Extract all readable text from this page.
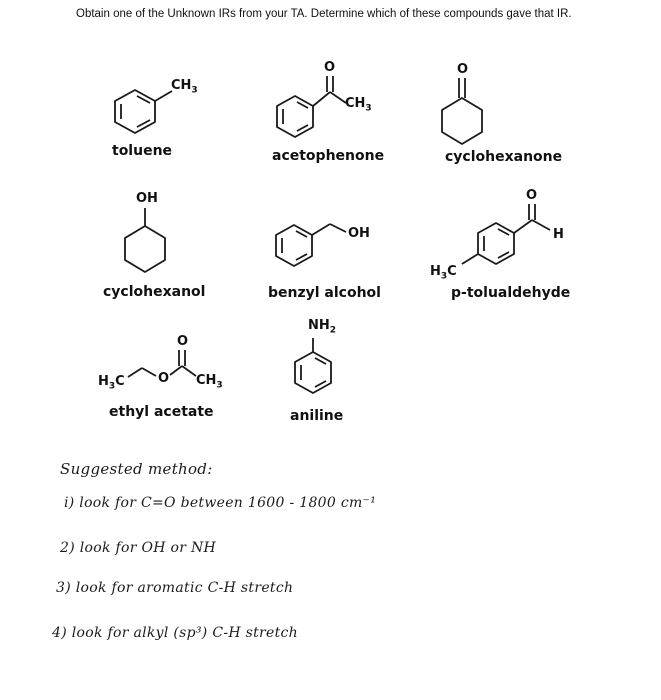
Obtain one of the Unknown IRs from your TA. Determine which of these compounds gave that IR.
$CH_3$
O
$CH_3$
O
OH
OH
O
H
$H_3C$
O
$H_3C$	O $CH_3$
$NH_2$
toluene	acetophenone	cyclohexanone
cyclohexanol	benzyl alcohol	p-tolualdehyde
ethyl acetate	aniline
Suggested method:
i) look for C=O between 1600 - 1800 cm⁻¹
2) look for OH or NH
3) look for aromatic C-H stretch
4) look for alkyl (sp³) C-H stretch
